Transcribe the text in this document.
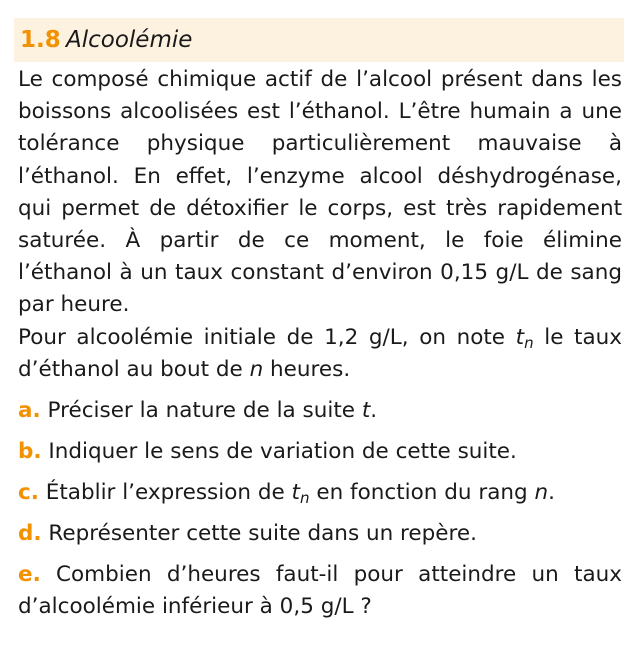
1.8 Alcoolémie

Le composé chimique actif de l’alcool présent dans les boissons alcoolisées est l’éthanol. L’être humain a une tolérance physique particulièrement mauvaise à l’éthanol. En effet, l’enzyme alcool déshydrogénase, qui permet de détoxifier le corps, est très rapidement saturée. À partir de ce moment, le foie élimine l’éthanol à un taux constant d’environ 0,15 g/L de sang par heure.

Pour alcoolémie initiale de 1,2 g/L, on note $t_n$ le taux d’éthanol au bout de n heures.

a. Préciser la nature de la suite t.
b. Indiquer le sens de variation de cette suite.
c. Établir l’expression de $t_n$ en fonction du rang n.
d. Représenter cette suite dans un repère.
e. Combien d’heures faut-il pour atteindre un taux d’alcoolémie inférieur à 0,5 g/L ?
